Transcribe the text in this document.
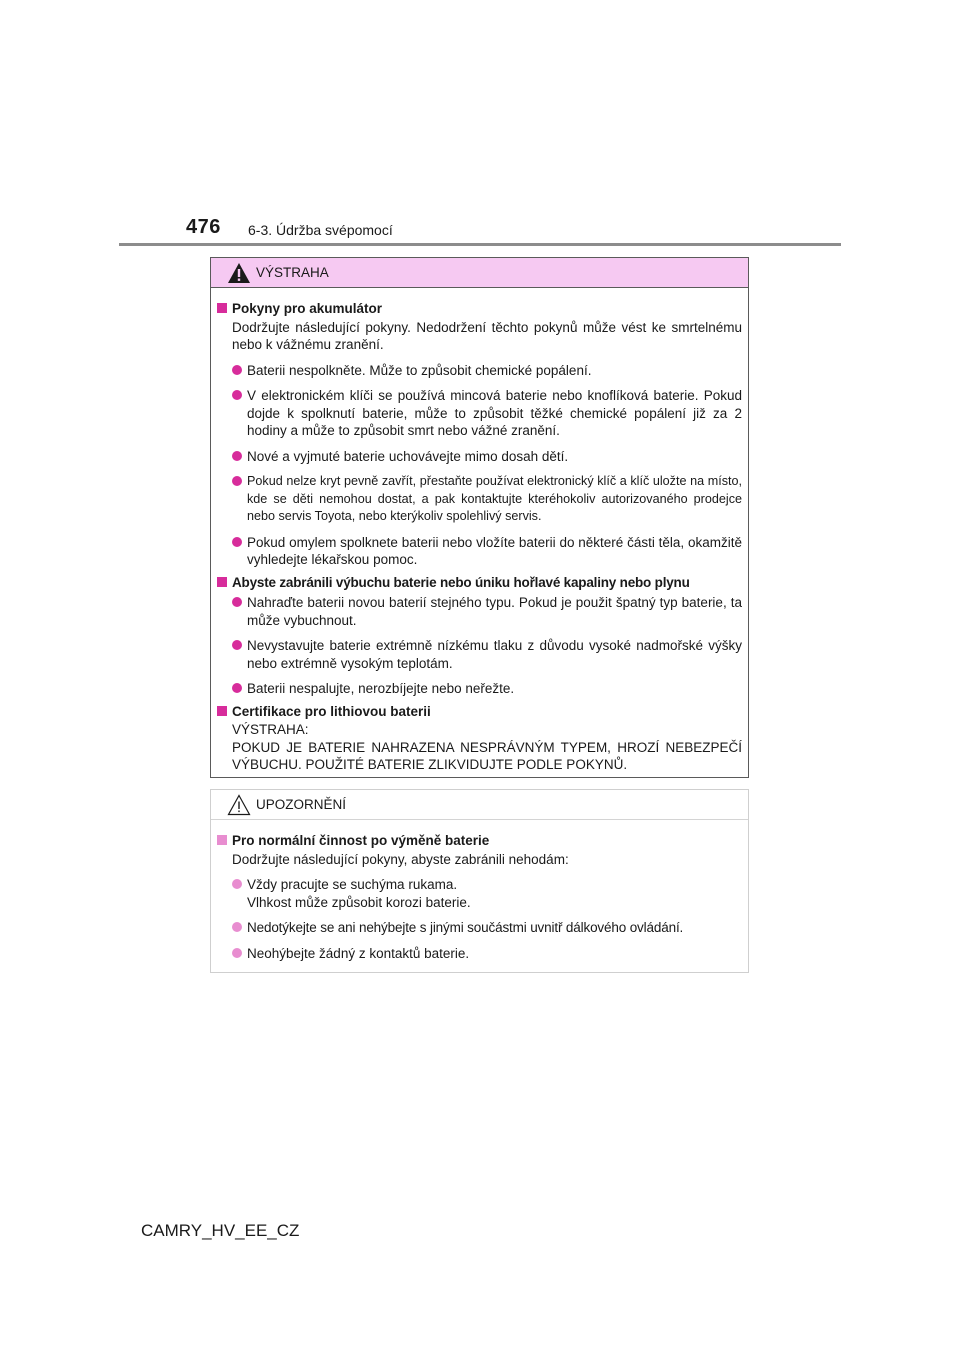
476 6-3. Údržba svépomocí
VÝSTRAHA
Pokyny pro akumulátor
Dodržujte následující pokyny. Nedodržení těchto pokynů může vést ke smrtelnému nebo k vážnému zranění.
Baterii nespolkněte. Může to způsobit chemické popálení.
V elektronickém klíči se používá mincová baterie nebo knoflíková baterie. Pokud dojde k spolknutí baterie, může to způsobit těžké chemické popálení již za 2 hodiny a může to způsobit smrt nebo vážné zranění.
Nové a vyjmuté baterie uchovávejte mimo dosah dětí.
Pokud nelze kryt pevně zavřít, přestaňte používat elektronický klíč a klíč uložte na místo, kde se děti nemohou dostat, a pak kontaktujte kteréhokoliv autorizovaného prodejce nebo servis Toyota, nebo kterýkoliv spolehlivý servis.
Pokud omylem spolknete baterii nebo vložíte baterii do některé části těla, okamžitě vyhledejte lékařskou pomoc.
Abyste zabránili výbuchu baterie nebo úniku hořlavé kapaliny nebo plynu
Nahraďte baterii novou baterií stejného typu. Pokud je použit špatný typ baterie, ta může vybuchnout.
Nevystavujte baterie extrémně nízkému tlaku z důvodu vysoké nadmořské výšky nebo extrémně vysokým teplotám.
Baterii nespalujte, nerozbíjejte nebo neřežte.
Certifikace pro lithiovou baterii
VÝSTRAHA:
POKUD JE BATERIE NAHRAZENA NESPRÁVNÝM TYPEM, HROZÍ NEBEZPEČÍ VÝBUCHU. POUŽITÉ BATERIE ZLIKVIDUJTE PODLE POKYNŮ.
UPOZORNĚNÍ
Pro normální činnost po výměně baterie
Dodržujte následující pokyny, abyste zabránili nehodám:
Vždy pracujte se suchýma rukama.
Vlhkost může způsobit korozi baterie.
Nedotýkejte se ani nehýbejte s jinými součástmi uvnitř dálkového ovládání.
Neohýbejte žádný z kontaktů baterie.
CAMRY_HV_EE_CZ
